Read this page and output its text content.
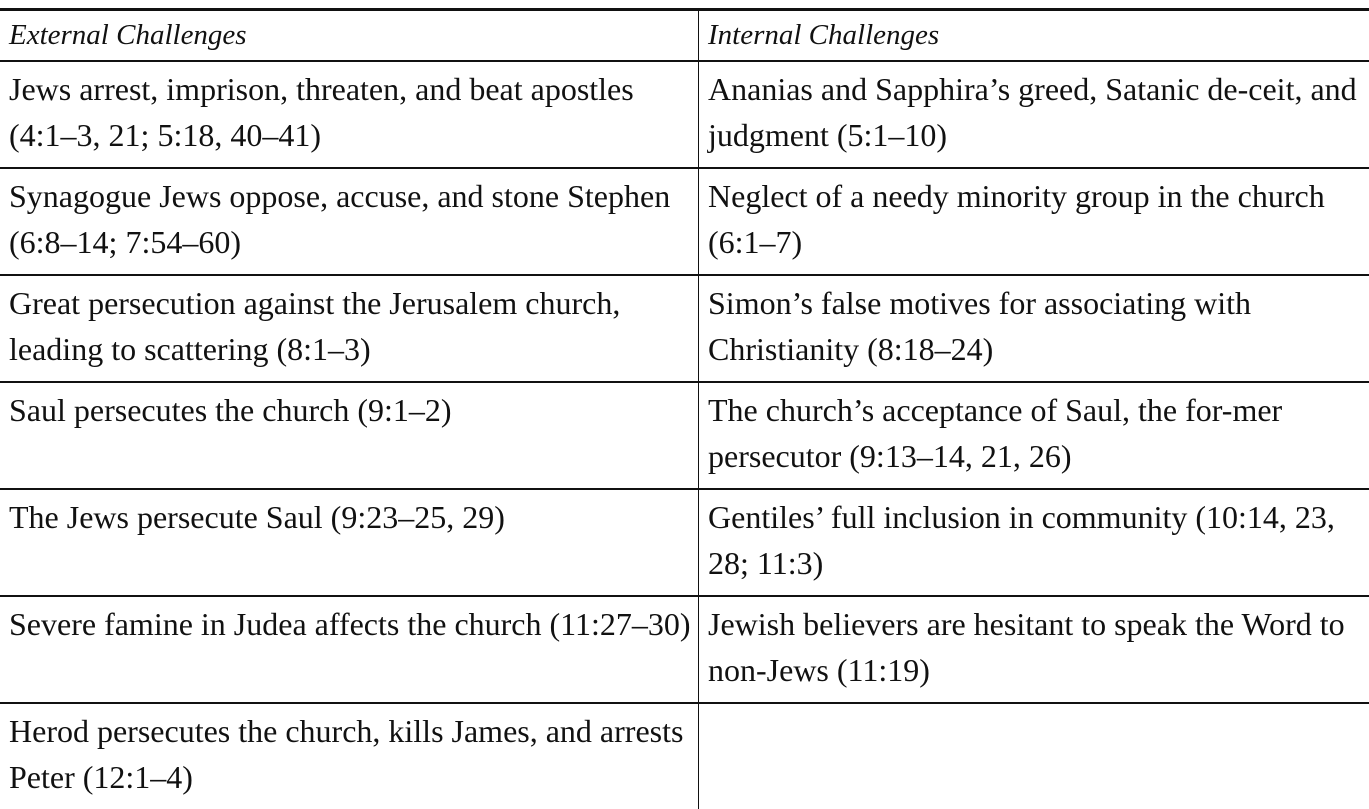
External Challenges	Internal Challenges
Jews arrest, imprison, threaten, and beat apostles (4:1–3, 21; 5:18, 40–41)	Ananias and Sapphira’s greed, Satanic de-ceit, and judgment (5:1–10)
Synagogue Jews oppose, accuse, and stone Stephen (6:8–14; 7:54–60)	Neglect of a needy minority group in the church (6:1–7)
Great persecution against the Jerusalem church, leading to scattering (8:1–3)	Simon’s false motives for associating with Christianity (8:18–24)
Saul persecutes the church (9:1–2)	The church’s acceptance of Saul, the for-mer persecutor (9:13–14, 21, 26)
The Jews persecute Saul (9:23–25, 29)	Gentiles’ full inclusion in community (10:14, 23, 28; 11:3)
Severe famine in Judea affects the church (11:27–30)	Jewish believers are hesitant to speak the Word to non-Jews (11:19)
Herod persecutes the church, kills James, and arrests Peter (12:1–4)	
